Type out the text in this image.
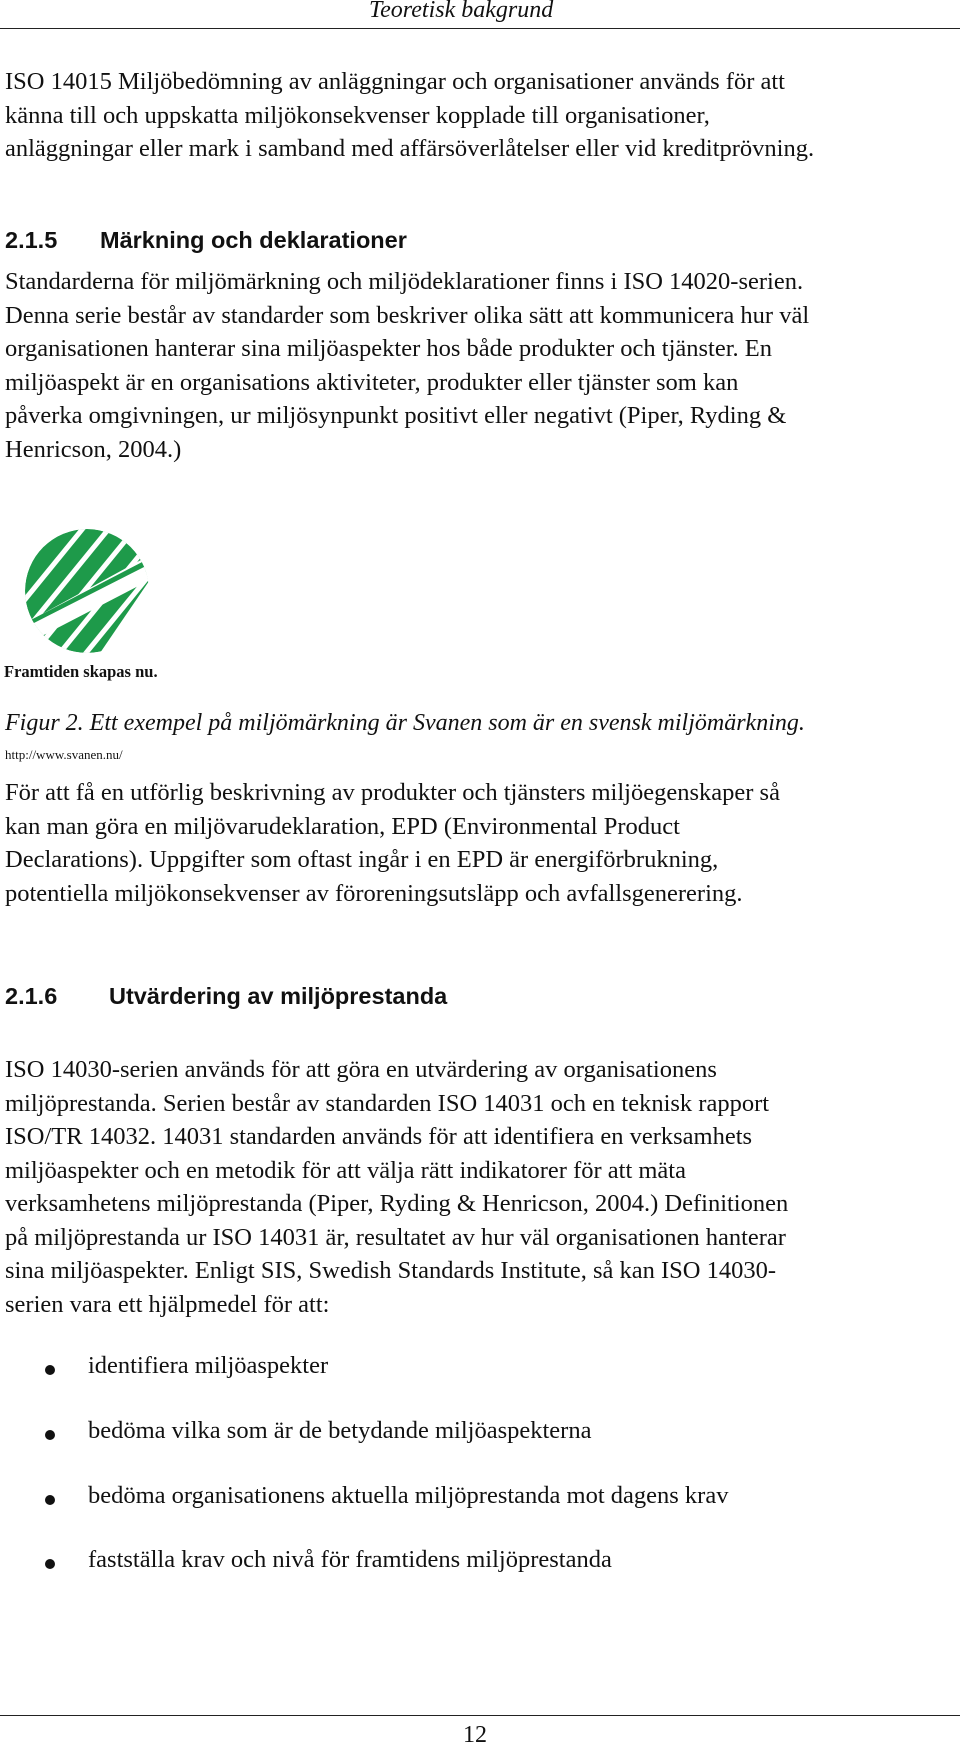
Teoretisk bakgrund
ISO 14015 Miljöbedömning av anläggningar och organisationer används för att
känna till och uppskatta miljökonsekvenser kopplade till organisationer,
anläggningar eller mark i samband med affärsöverlåtelser eller vid kreditprövning.
2.1.5 Märkning och deklarationer
Standarderna för miljömärkning och miljödeklarationer finns i ISO 14020-serien.
Denna serie består av standarder som beskriver olika sätt att kommunicera hur väl
organisationen hanterar sina miljöaspekter hos både produkter och tjänster. En
miljöaspekt är en organisations aktiviteter, produkter eller tjänster som kan
påverka omgivningen, ur miljösynpunkt positivt eller negativt (Piper, Ryding &
Henricson, 2004.)
Framtiden skapas nu.
Figur 2. Ett exempel på miljömärkning är Svanen som är en svensk miljömärkning.
http://www.svanen.nu/
För att få en utförlig beskrivning av produkter och tjänsters miljöegenskaper så
kan man göra en miljövarudeklaration, EPD (Environmental Product
Declarations). Uppgifter som oftast ingår i en EPD är energiförbrukning,
potentiella miljökonsekvenser av föroreningsutsläpp och avfallsgenerering.
2.1.6 Utvärdering av miljöprestanda
ISO 14030-serien används för att göra en utvärdering av organisationens
miljöprestanda. Serien består av standarden ISO 14031 och en teknisk rapport
ISO/TR 14032. 14031 standarden används för att identifiera en verksamhets
miljöaspekter och en metodik för att välja rätt indikatorer för att mäta
verksamhetens miljöprestanda (Piper, Ryding & Henricson, 2004.) Definitionen
på miljöprestanda ur ISO 14031 är, resultatet av hur väl organisationen hanterar
sina miljöaspekter. Enligt SIS, Swedish Standards Institute, så kan ISO 14030-
serien vara ett hjälpmedel för att:
identifiera miljöaspekter
bedöma vilka som är de betydande miljöaspekterna
bedöma organisationens aktuella miljöprestanda mot dagens krav
fastställa krav och nivå för framtidens miljöprestanda
12
